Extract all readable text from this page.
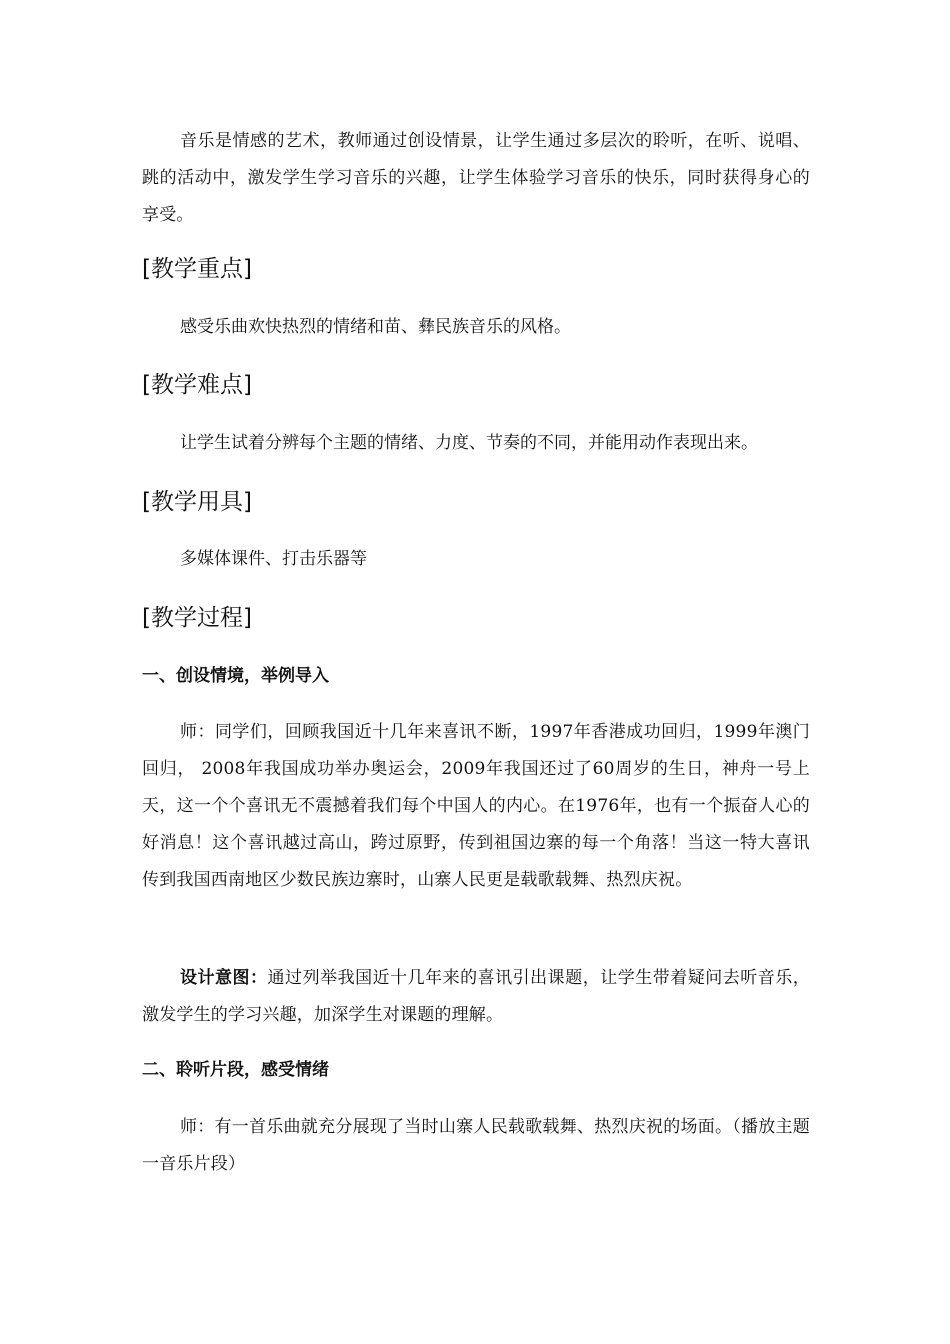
音乐是情感的艺术，教师通过创设情景，让学生通过多层次的聆听，在听、说唱、跳的活动中，激发学生学习音乐的兴趣，让学生体验学习音乐的快乐，同时获得身心的享受。

[教学重点]

感受乐曲欢快热烈的情绪和苗、彝民族音乐的风格。

[教学难点]

让学生试着分辨每个主题的情绪、力度、节奏的不同，并能用动作表现出来。

[教学用具]

多媒体课件、打击乐器等

[教学过程]
一、创设情境，举例导入

师：同学们，回顾我国近十几年来喜讯不断，1997年香港成功回归，1999年澳门回归， 2008年我国成功举办奥运会，2009年我国还过了60周岁的生日，神舟一号上天，这一个个喜讯无不震撼着我们每个中国人的内心。在1976年，也有一个振奋人心的好消息！这个喜讯越过高山，跨过原野，传到祖国边寨的每一个角落！当这一特大喜讯传到我国西南地区少数民族边寨时，山寨人民更是载歌载舞、热烈庆祝。

设计意图：通过列举我国近十几年来的喜讯引出课题，让学生带着疑问去听音乐，激发学生的学习兴趣，加深学生对课题的理解。

二、聆听片段，感受情绪

师：有一首乐曲就充分展现了当时山寨人民载歌载舞、热烈庆祝的场面。（播放主题一音乐片段）
